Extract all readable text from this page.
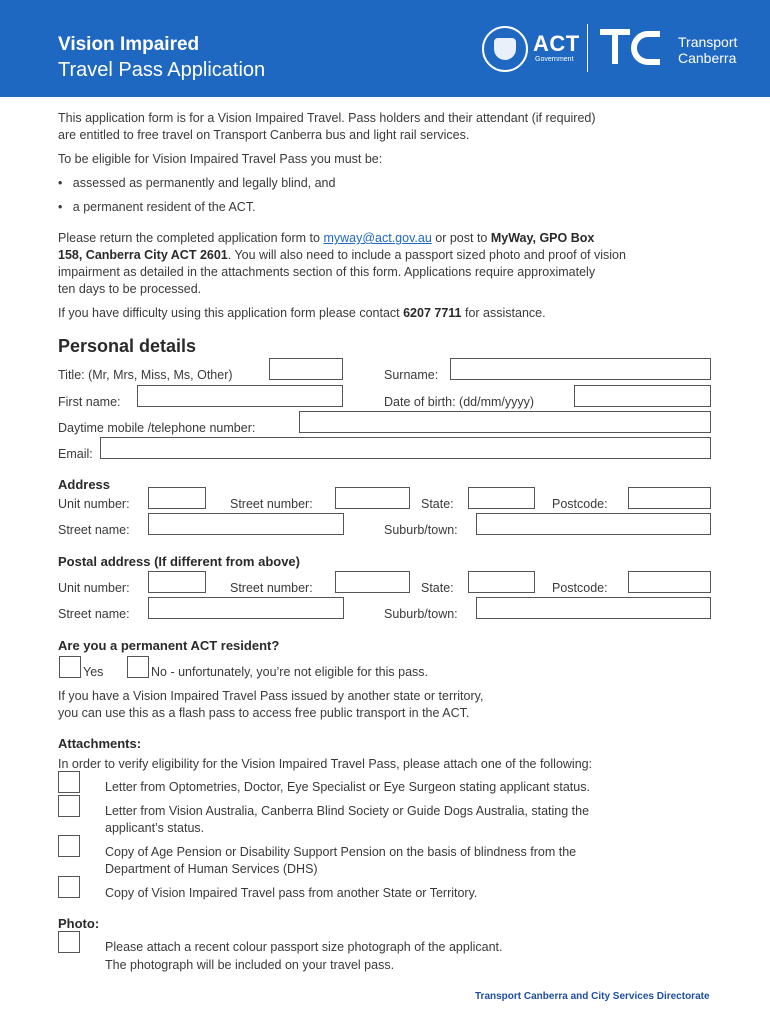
Vision Impaired
Travel Pass Application
ACT
Government
Transport
Canberra
This application form is for a Vision Impaired Travel. Pass holders and their attendant (if required)
are entitled to free travel on Transport Canberra bus and light rail services.
To be eligible for Vision Impaired Travel Pass you must be:
•   assessed as permanently and legally blind, and
•   a permanent resident of the ACT.
Please return the completed application form to myway@act.gov.au or post to MyWay, GPO Box
158, Canberra City ACT 2601. You will also need to include a passport sized photo and proof of vision
impairment as detailed in the attachments section of this form. Applications require approximately
ten days to be processed.
If you have difficulty using this application form please contact 6207 7711 for assistance.
Personal details
Title: (Mr, Mrs, Miss, Ms, Other)	Surname:
First name:	Date of birth: (dd/mm/yyyy)
Daytime mobile /telephone number:
Email:
Address
Unit number:	Street number:	State:	Postcode:
Street name:	Suburb/town:
Postal address (If different from above)
Unit number:	Street number:	State:	Postcode:
Street name:	Suburb/town:
Are you a permanent ACT resident?
Yes	No - unfortunately, you’re not eligible for this pass.
If you have a Vision Impaired Travel Pass issued by another state or territory,
you can use this as a flash pass to access free public transport in the ACT.
Attachments:
In order to verify eligibility for the Vision Impaired Travel Pass, please attach one of the following:
Letter from Optometries, Doctor, Eye Specialist or Eye Surgeon stating applicant status.
Letter from Vision Australia, Canberra Blind Society or Guide Dogs Australia, stating the
applicant’s status.
Copy of Age Pension or Disability Support Pension on the basis of blindness from the
Department of Human Services (DHS)
Copy of Vision Impaired Travel pass from another State or Territory.
Photo:
Please attach a recent colour passport size photograph of the applicant.
The photograph will be included on your travel pass.
Transport Canberra and City Services Directorate
